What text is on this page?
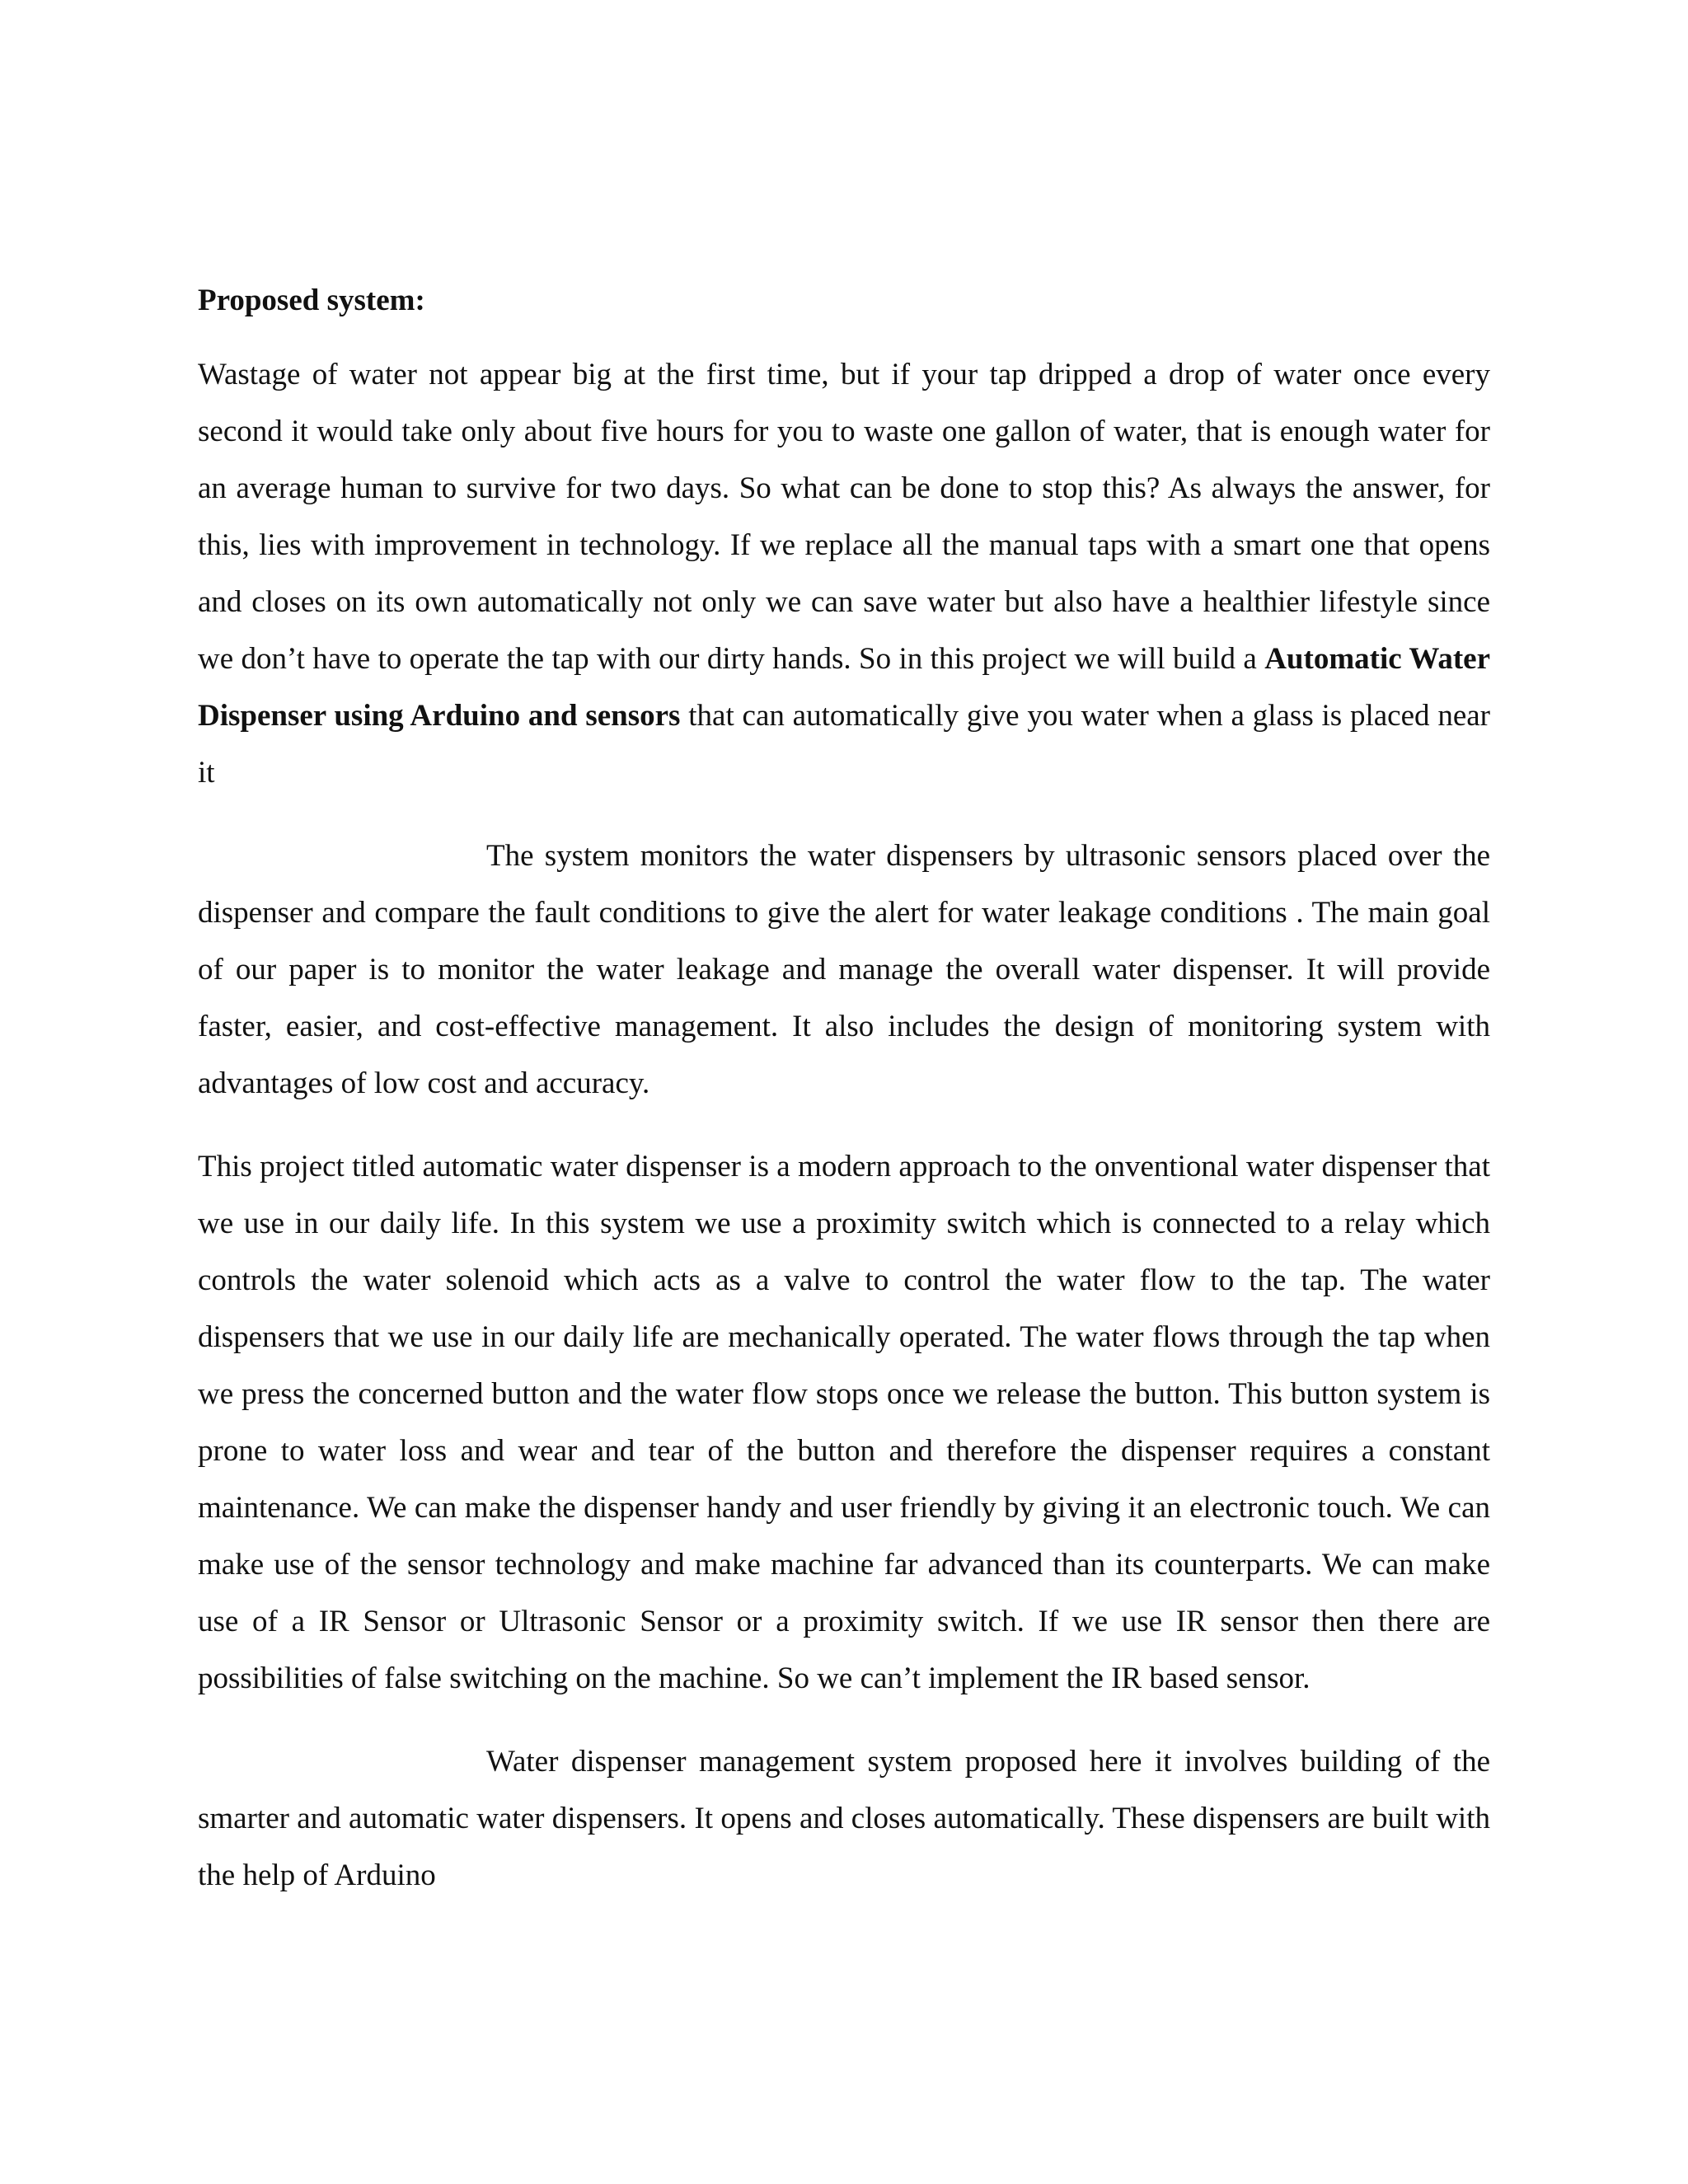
Proposed system:

Wastage of water not appear big at the first time, but if your tap dripped a drop of water once every second it would take only about five hours for you to waste one gallon of water, that is enough water for an average human to survive for two days. So what can be done to stop this? As always the answer, for this, lies with improvement in technology. If we replace all the manual taps with a smart one that opens and closes on its own automatically not only we can save water but also have a healthier lifestyle since we don’t have to operate the tap with our dirty hands. So in this project we will build a Automatic Water Dispenser using Arduino and sensors that can automatically give you water when a glass is placed near it

The system monitors the water dispensers by ultrasonic sensors placed over the dispenser and compare the fault conditions to give the alert for water leakage conditions . The main goal of our paper is to monitor the water leakage and manage the overall water dispenser. It will provide faster, easier, and cost-effective management. It also includes the design of monitoring system with advantages of low cost and accuracy.

This project titled automatic water dispenser is a modern approach to the onventional water dispenser that we use in our daily life. In this system we use a proximity switch which is connected to a relay which controls the water solenoid which acts as a valve to control the water flow to the tap. The water dispensers that we use in our daily life are mechanically operated. The water flows through the tap when we press the concerned button and the water flow stops once we release the button. This button system is prone to water loss and wear and tear of the button and therefore the dispenser requires a constant maintenance. We can make the dispenser handy and user friendly by giving it an electronic touch. We can make use of the sensor technology and make machine far advanced than its counterparts. We can make use of a IR Sensor or Ultrasonic Sensor or a proximity switch. If we use IR sensor then there are possibilities of false switching on the machine. So we can’t implement the IR based sensor.

Water dispenser management system proposed here it involves building of the smarter and automatic water dispensers. It opens and closes automatically. These dispensers are built with the help of Arduino
